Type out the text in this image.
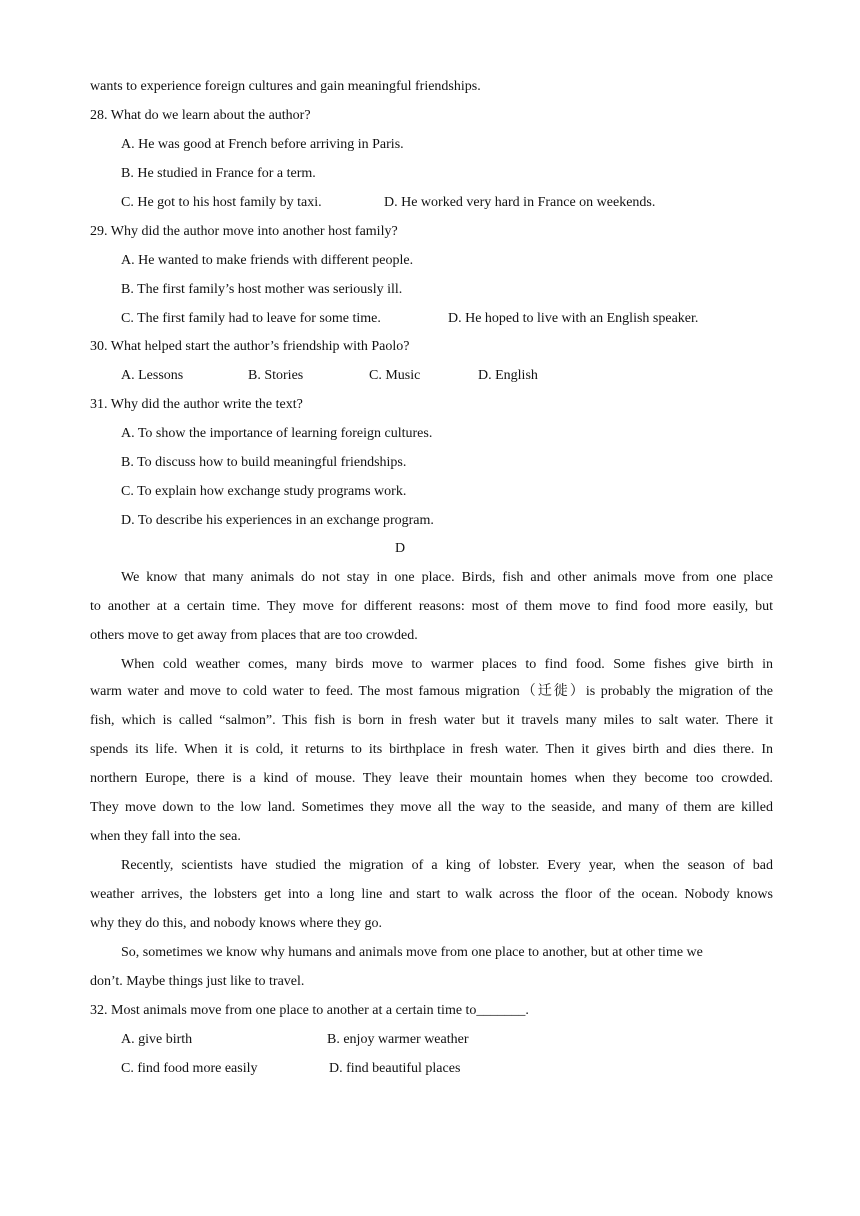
wants to experience foreign cultures and gain meaningful friendships.
28. What do we learn about the author?
A. He was good at French before arriving in Paris.
B. He studied in France for a term.
C. He got to his host family by taxi.	D. He worked very hard in France on weekends.
29. Why did the author move into another host family?
A. He wanted to make friends with different people.
B. The first family’s host mother was seriously ill.
C. The first family had to leave for some time.	D. He hoped to live with an English speaker.
30. What helped start the author’s friendship with Paolo?
A. Lessons	B. Stories	C. Music	D. English
31. Why did the author write the text?
A. To show the importance of learning foreign cultures.
B. To discuss how to build meaningful friendships.
C. To explain how exchange study programs work.
D. To describe his experiences in an exchange program.
D
We know that many animals do not stay in one place. Birds, fish and other animals move from one place
to another at a certain time. They move for different reasons: most of them move to find food more easily, but
others move to get away from places that are too crowded.
When cold weather comes, many birds move to warmer places to find food. Some fishes give birth in
warm water and move to cold water to feed. The most famous migration（迁徙）is probably the migration of the
fish, which is called “salmon”. This fish is born in fresh water but it travels many miles to salt water. There it
spends its life. When it is cold, it returns to its birthplace in fresh water. Then it gives birth and dies there. In
northern Europe, there is a kind of mouse. They leave their mountain homes when they become too crowded.
They move down to the low land. Sometimes they move all the way to the seaside, and many of them are killed
when they fall into the sea.
Recently, scientists have studied the migration of a king of lobster. Every year, when the season of bad
weather arrives, the lobsters get into a long line and start to walk across the floor of the ocean. Nobody knows
why they do this, and nobody knows where they go.
So, sometimes we know why humans and animals move from one place to another, but at other time we
don’t. Maybe things just like to travel.
32. Most animals move from one place to another at a certain time to_______.
A. give birth	B. enjoy warmer weather
C. find food more easily	D. find beautiful places
